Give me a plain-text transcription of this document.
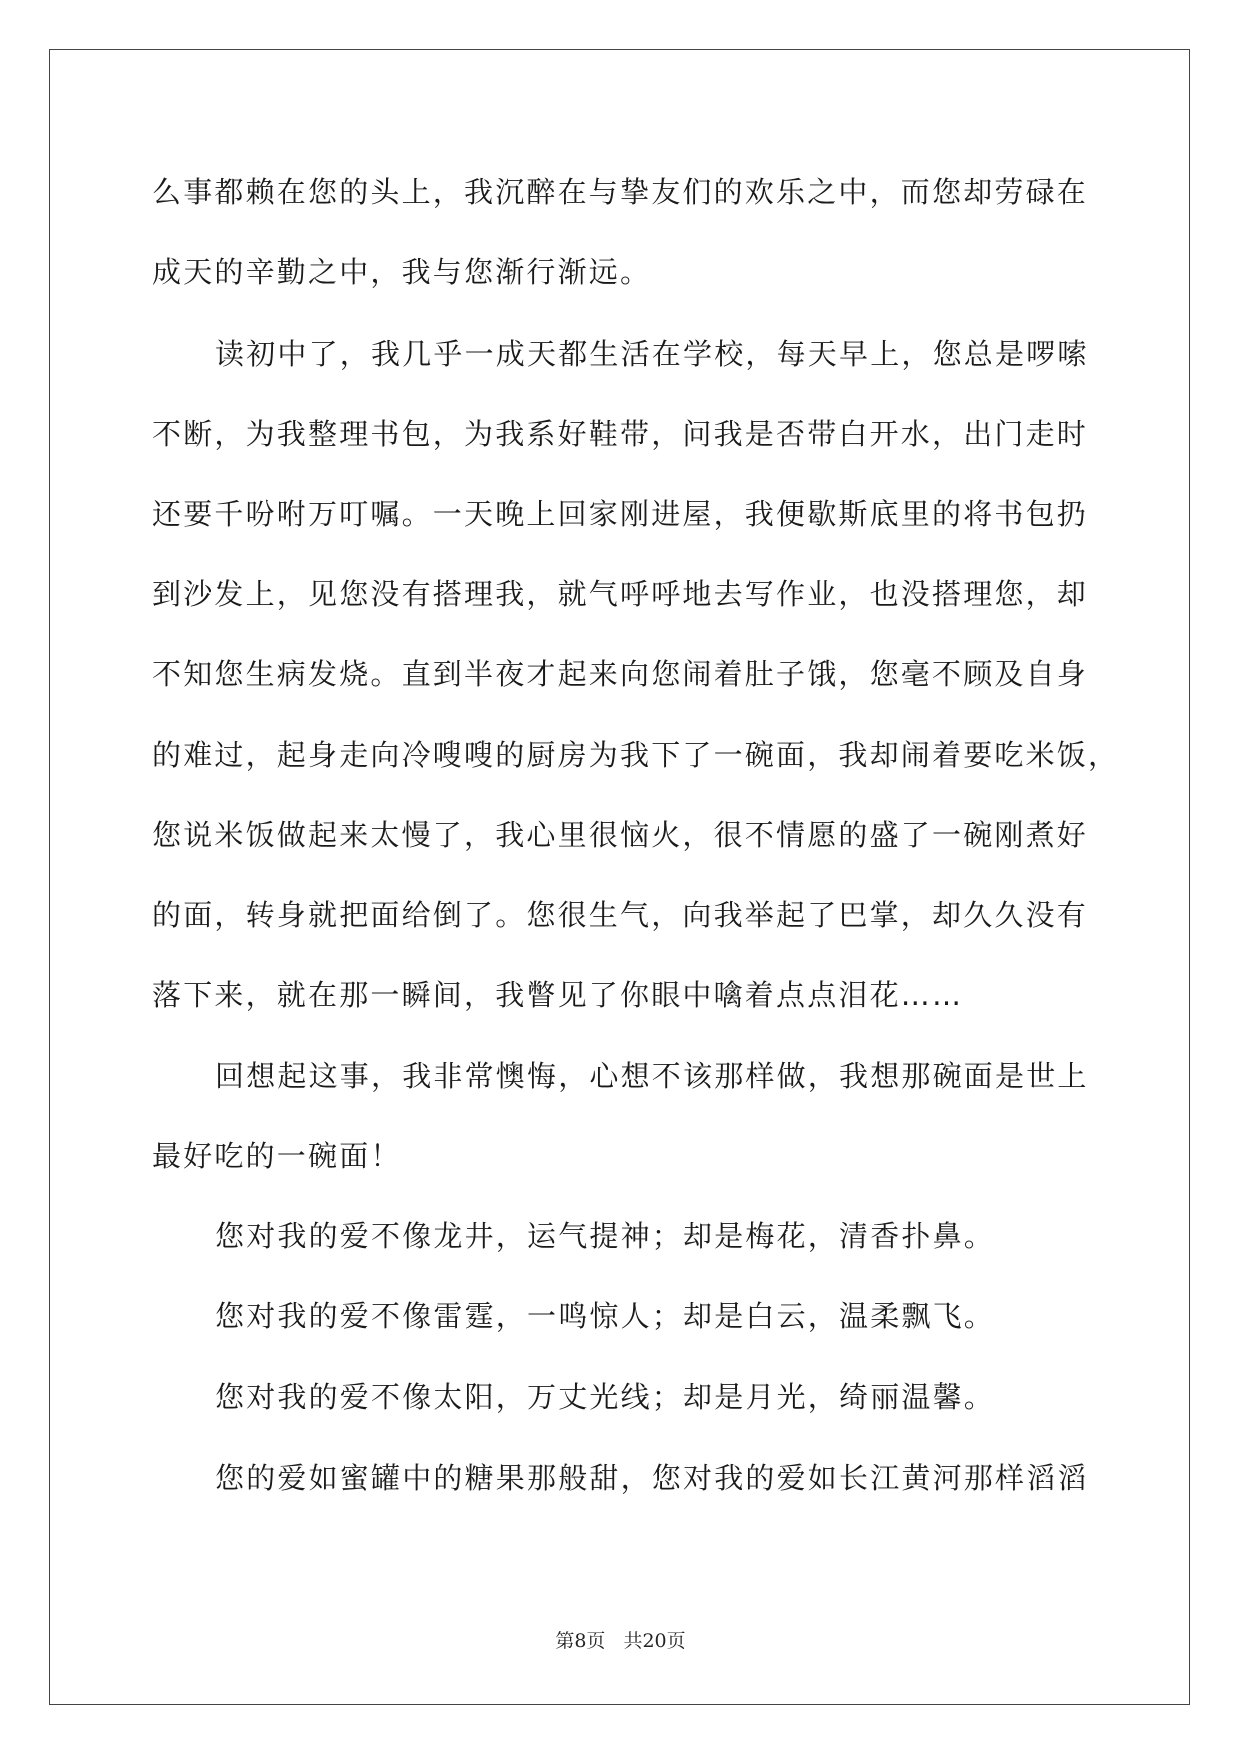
么事都赖在您的头上，我沉醉在与挚友们的欢乐之中，而您却劳碌在
成天的辛勤之中，我与您渐行渐远。
读初中了，我几乎一成天都生活在学校，每天早上，您总是啰嗦
不断，为我整理书包，为我系好鞋带，问我是否带白开水，出门走时
还要千吩咐万叮嘱。一天晚上回家刚进屋，我便歇斯底里的将书包扔
到沙发上，见您没有搭理我，就气呼呼地去写作业，也没搭理您，却
不知您生病发烧。直到半夜才起来向您闹着肚子饿，您毫不顾及自身
的难过，起身走向冷嗖嗖的厨房为我下了一碗面，我却闹着要吃米饭，
您说米饭做起来太慢了，我心里很恼火，很不情愿的盛了一碗刚煮好
的面，转身就把面给倒了。您很生气，向我举起了巴掌，却久久没有
落下来，就在那一瞬间，我瞥见了你眼中噙着点点泪花……
回想起这事，我非常懊悔，心想不该那样做，我想那碗面是世上
最好吃的一碗面！
您对我的爱不像龙井，运气提神；却是梅花，清香扑鼻。
您对我的爱不像雷霆，一鸣惊人；却是白云，温柔飘飞。
您对我的爱不像太阳，万丈光线；却是月光，绮丽温馨。
您的爱如蜜罐中的糖果那般甜，您对我的爱如长江黄河那样滔滔
第8页 共20页
